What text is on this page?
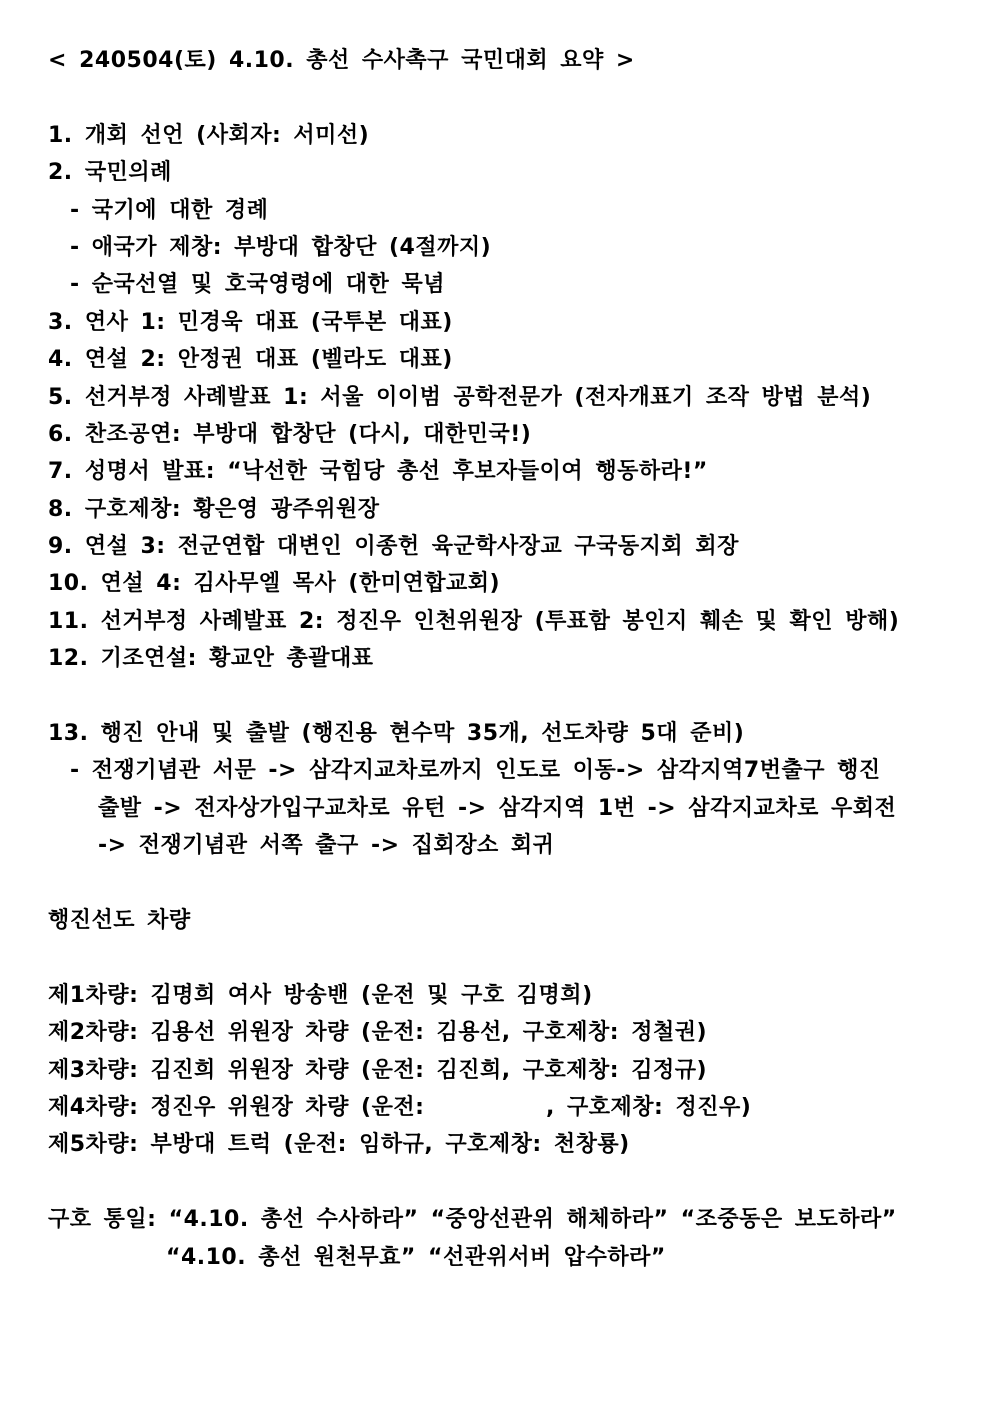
< 240504(토) 4.10. 총선 수사촉구 국민대회 요약 >
1. 개회 선언 (사회자: 서미선)
2. 국민의례
- 국기에 대한 경례
- 애국가 제창: 부방대 합창단 (4절까지)
- 순국선열 및 호국영령에 대한 묵념
3. 연사 1: 민경욱 대표 (국투본 대표)
4. 연설 2: 안정권 대표 (벨라도 대표)
5. 선거부정 사례발표 1: 서울 이이범 공학전문가 (전자개표기 조작 방법 분석)
6. 찬조공연: 부방대 합창단 (다시, 대한민국!)
7. 성명서 발표: “낙선한 국힘당 총선 후보자들이여 행동하라!”
8. 구호제창: 황은영 광주위원장
9. 연설 3: 전군연합 대변인 이종헌 육군학사장교 구국동지회 회장
10. 연설 4: 김사무엘 목사 (한미연합교회)
11. 선거부정 사례발표 2: 정진우 인천위원장 (투표함 봉인지 훼손 및 확인 방해)
12. 기조연설: 황교안 총괄대표
13. 행진 안내 및 출발 (행진용 현수막 35개, 선도차량 5대 준비)
- 전쟁기념관 서문 -> 삼각지교차로까지 인도로 이동-> 삼각지역7번출구 행진
출발 -> 전자상가입구교차로 유턴 -> 삼각지역 1번 -> 삼각지교차로 우회전
-> 전쟁기념관 서쪽 출구 -> 집회장소 회귀
행진선도 차량
제1차량: 김명희 여사 방송밴 (운전 및 구호 김명희)
제2차량: 김용선 위원장 차량 (운전: 김용선, 구호제창: 정철권)
제3차량: 김진희 위원장 차량 (운전: 김진희, 구호제창: 김정규)
제4차량: 정진우 위원장 차량 (운전:          , 구호제창: 정진우)
제5차량: 부방대 트럭 (운전: 임하규, 구호제창: 천창룡)
구호 통일: “4.10. 총선 수사하라” “중앙선관위 해체하라” “조중동은 보도하라”
“4.10. 총선 원천무효” “선관위서버 압수하라”
